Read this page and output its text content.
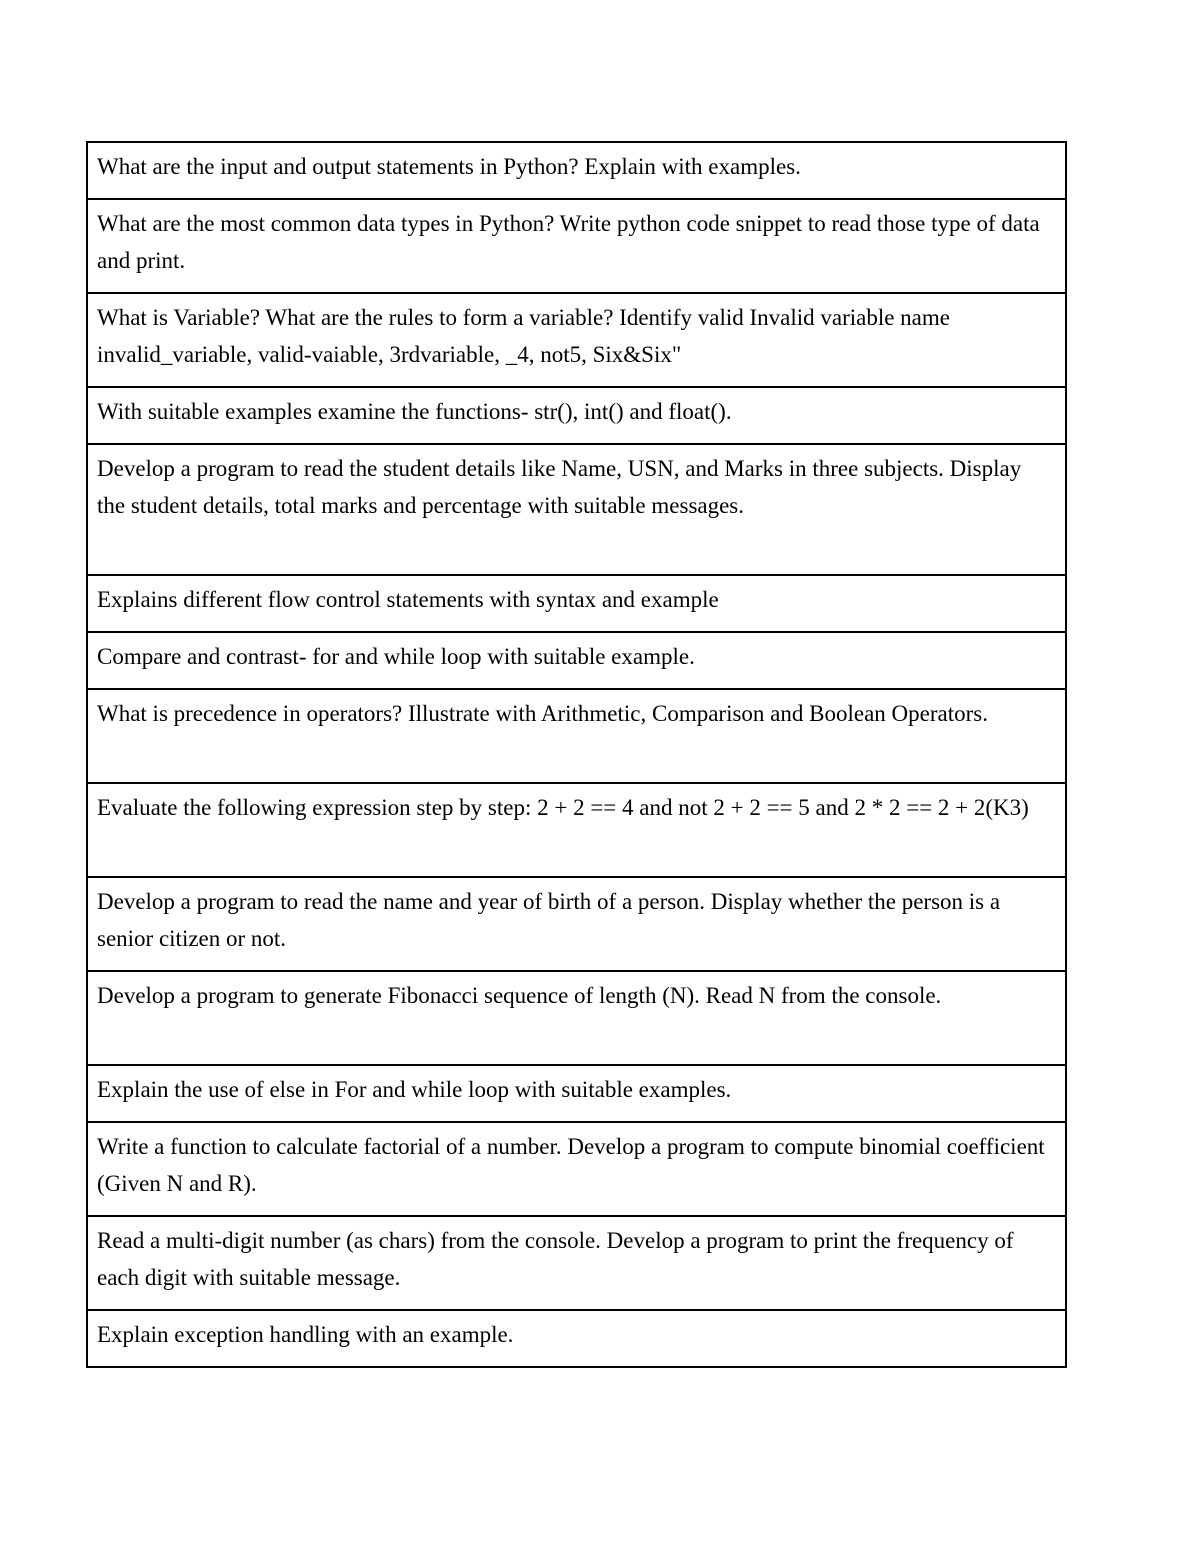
What are the input and output statements in Python? Explain with examples.
What are the most common data types in Python? Write python code snippet to read those type of data and print.
What is Variable? What are the rules to form a variable? Identify valid Invalid variable name invalid_variable, valid-vaiable, 3rdvariable, _4, not5, Six&Six"
With suitable examples examine the functions- str(), int() and float().
Develop a program to read the student details like Name, USN, and Marks in three subjects. Display the student details, total marks and percentage with suitable messages.
Explains different flow control statements with syntax and example
Compare and contrast- for and while loop with suitable example.
What is precedence in operators? Illustrate with Arithmetic, Comparison and Boolean Operators.
Evaluate the following expression step by step: 2 + 2 == 4 and not 2 + 2 == 5 and 2 * 2 == 2 + 2(K3)
Develop a program to read the name and year of birth of a person. Display whether the person is a senior citizen or not.
Develop a program to generate Fibonacci sequence of length (N). Read N from the console.
Explain the use of else in For and while loop with suitable examples.
Write a function to calculate factorial of a number. Develop a program to compute binomial coefficient (Given N and R).
Read a multi-digit number (as chars) from the console. Develop a program to print the frequency of each digit with suitable message.
Explain exception handling with an example.
